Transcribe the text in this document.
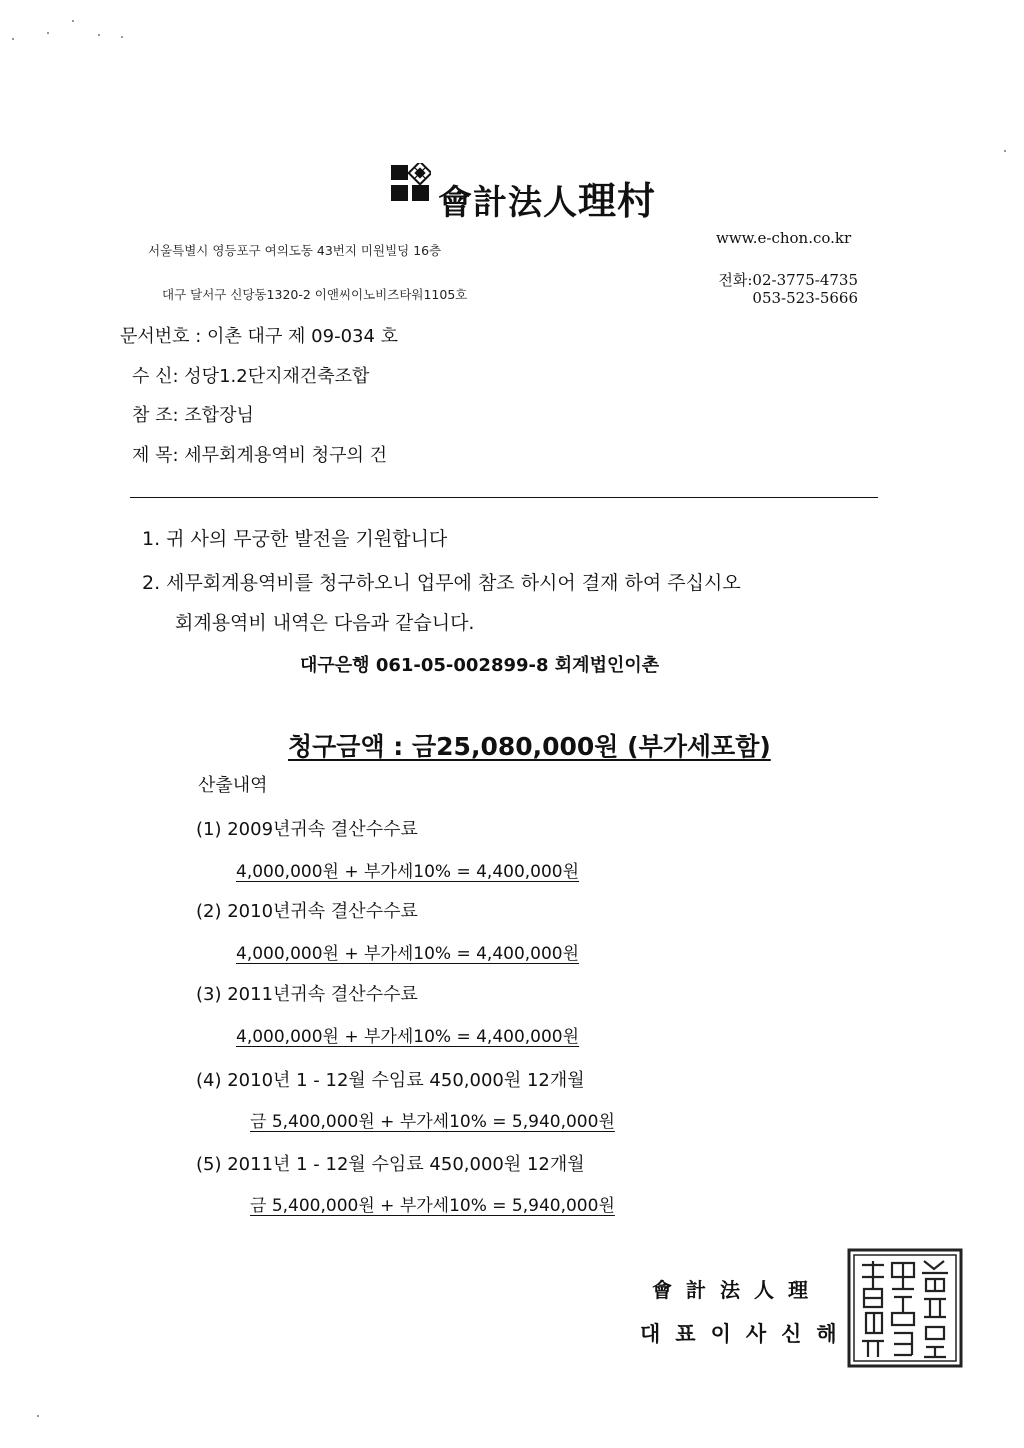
會計法人理村
서울특별시 영등포구 여의도동 43번지 미원빌딩 16층
대구 달서구 신당동1320-2 이앤씨이노비즈타워1105호
www.e-chon.co.kr
전화:02-3775-4735
053-523-5666
문서번호 : 이촌 대구 제 09-034 호
수 신: 성당1.2단지재건축조합
참 조: 조합장님
제 목: 세무회계용역비 청구의 건
1. 귀 사의 무궁한 발전을 기원합니다
2. 세무회계용역비를 청구하오니 업무에 참조 하시어 결재 하여 주십시오
회계용역비 내역은 다음과 같습니다.
대구은행 061-05-002899-8 회계법인이촌
청구금액 : 금25,080,000원 (부가세포함)
산출내역
(1) 2009년귀속 결산수수료
4,000,000원 + 부가세10% = 4,400,000원
(2) 2010년귀속 결산수수료
4,000,000원 + 부가세10% = 4,400,000원
(3) 2011년귀속 결산수수료
4,000,000원 + 부가세10% = 4,400,000원
(4) 2010년 1 - 12월 수임료 450,000원 12개월
금 5,400,000원 + 부가세10% = 5,940,000원
(5) 2011년 1 - 12월 수임료 450,000원 12개월
금 5,400,000원 + 부가세10% = 5,940,000원
會計法人理
대표이사신해
